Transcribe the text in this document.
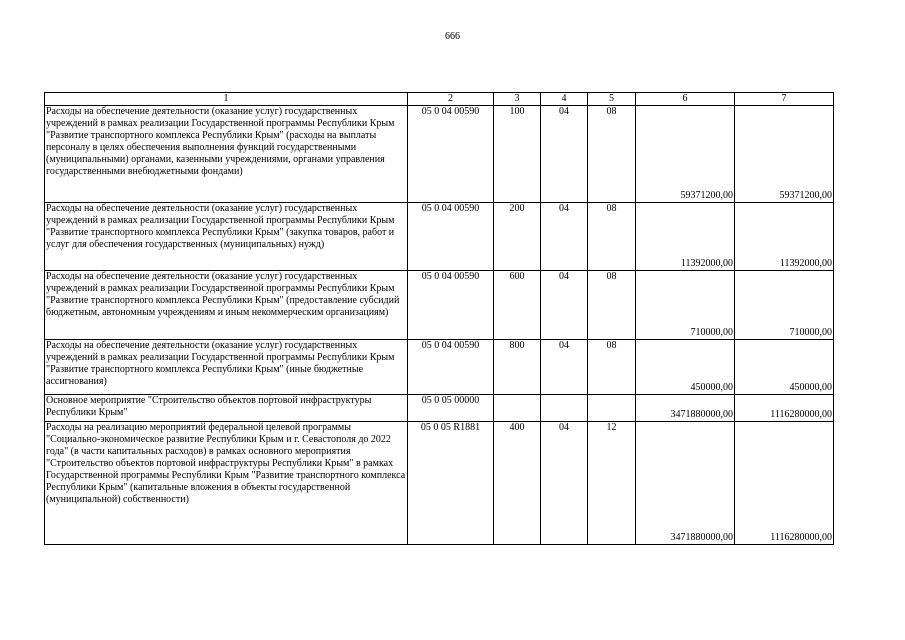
666
1	2	3	4	5	6	7
Расходы на обеспечение деятельности (оказание услуг) государственных учреждений в рамках реализации Государственной программы Республики Крым "Развитие транспортного комплекса Республики Крым" (расходы на выплаты персоналу в целях обеспечения выполнения функций государственными (муниципальными) органами, казенными учреждениями, органами управления государственными внебюджетными фондами)	05 0 04 00590	100	04	08	59371200,00	59371200,00
Расходы на обеспечение деятельности (оказание услуг) государственных учреждений в рамках реализации Государственной программы Республики Крым "Развитие транспортного комплекса Республики Крым" (закупка товаров, работ и услуг для обеспечения государственных (муниципальных) нужд)	05 0 04 00590	200	04	08	11392000,00	11392000,00
Расходы на обеспечение деятельности (оказание услуг) государственных учреждений в рамках реализации Государственной программы Республики Крым "Развитие транспортного комплекса Республики Крым" (предоставление субсидий бюджетным, автономным учреждениям и иным некоммерческим организациям)	05 0 04 00590	600	04	08	710000,00	710000,00
Расходы на обеспечение деятельности (оказание услуг) государственных учреждений в рамках реализации Государственной программы Республики Крым "Развитие транспортного комплекса Республики Крым" (иные бюджетные ассигнования)	05 0 04 00590	800	04	08	450000,00	450000,00
Основное мероприятие "Строительство объектов портовой инфраструктуры Республики Крым"	05 0 05 00000				3471880000,00	1116280000,00
Расходы на реализацию мероприятий федеральной целевой программы "Социально-экономическое развитие Республики Крым и г. Севастополя до 2022 года" (в части капитальных расходов) в рамках основного мероприятия "Строительство объектов портовой инфраструктуры Республики Крым" в рамках Государственной программы Республики Крым "Развитие транспортного комплекса Республики Крым" (капитальные вложения в объекты государственной (муниципальной) собственности)	05 0 05 R1881	400	04	12	3471880000,00	1116280000,00
